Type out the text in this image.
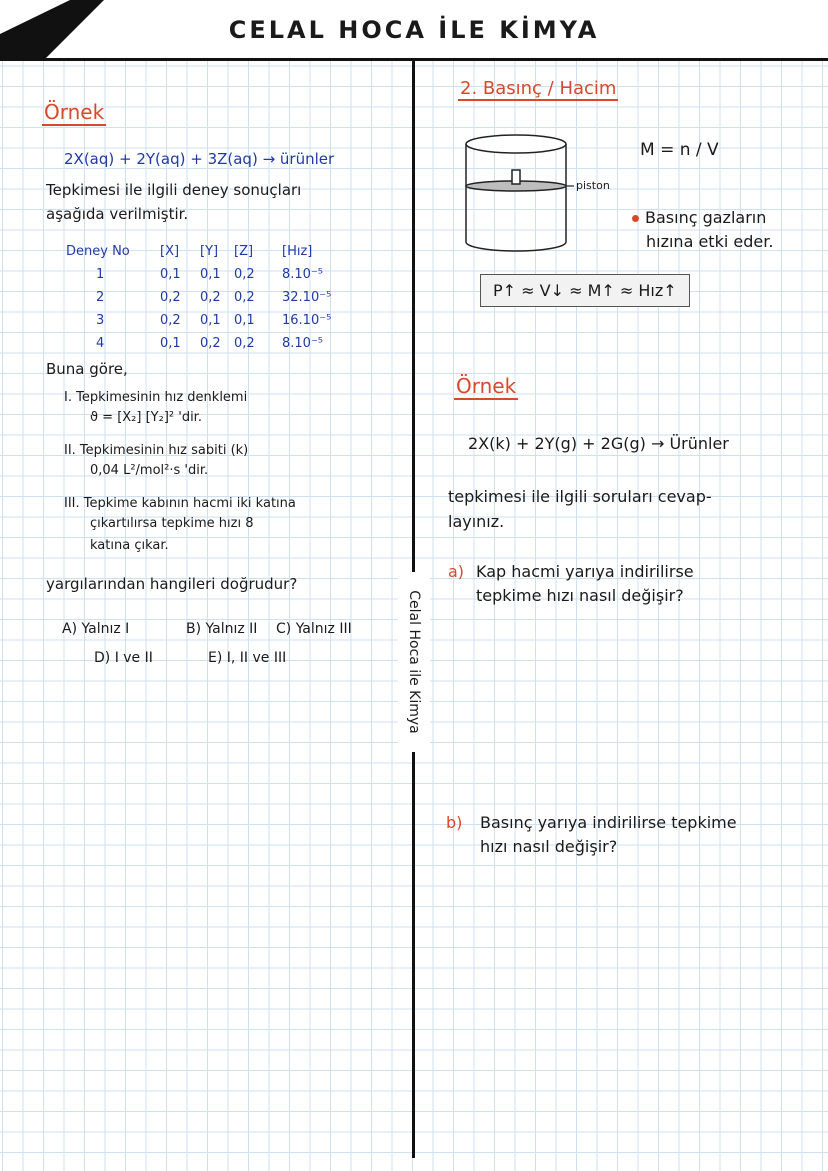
CELAL HOCA İLE KİMYA
Celal Hoca ile Kimya
Örnek
2X(aq) + 2Y(aq) + 3Z(aq) → ürünler
Tepkimesi ile ilgili deney sonuçları
aşağıda verilmiştir.
Deney No	[X]	[Y]	[Z]	[Hız]
1	0,1	0,1	0,2	8.10⁻⁵
2	0,2	0,2	0,2	32.10⁻⁵
3	0,2	0,1	0,1	16.10⁻⁵
4	0,1	0,2	0,2	8.10⁻⁵
Buna göre,
I. Tepkimesinin hız denklemi
ϑ = [X₂] [Y₂]² 'dir.
II. Tepkimesinin hız sabiti (k)
0,04 L²/mol²·s 'dir.
III. Tepkime kabının hacmi iki katına
çıkartılırsa tepkime hızı 8
katına çıkar.
yargılarından hangileri doğrudur?
A) Yalnız I	B) Yalnız II C) Yalnız III
D) I ve II	E) I, II ve III
2. Basınç / Hacim
piston
M = n / V
Basınç gazların
hızına etki eder.
P↑ ≈ V↓ ≈ M↑ ≈ Hız↑
Örnek
2X(k) + 2Y(g) + 2G(g) → Ürünler
tepkimesi ile ilgili soruları cevap-
layınız.
a) Kap hacmi yarıya indirilirse
tepkime hızı nasıl değişir?
b) Basınç yarıya indirilirse tepkime
hızı nasıl değişir?
